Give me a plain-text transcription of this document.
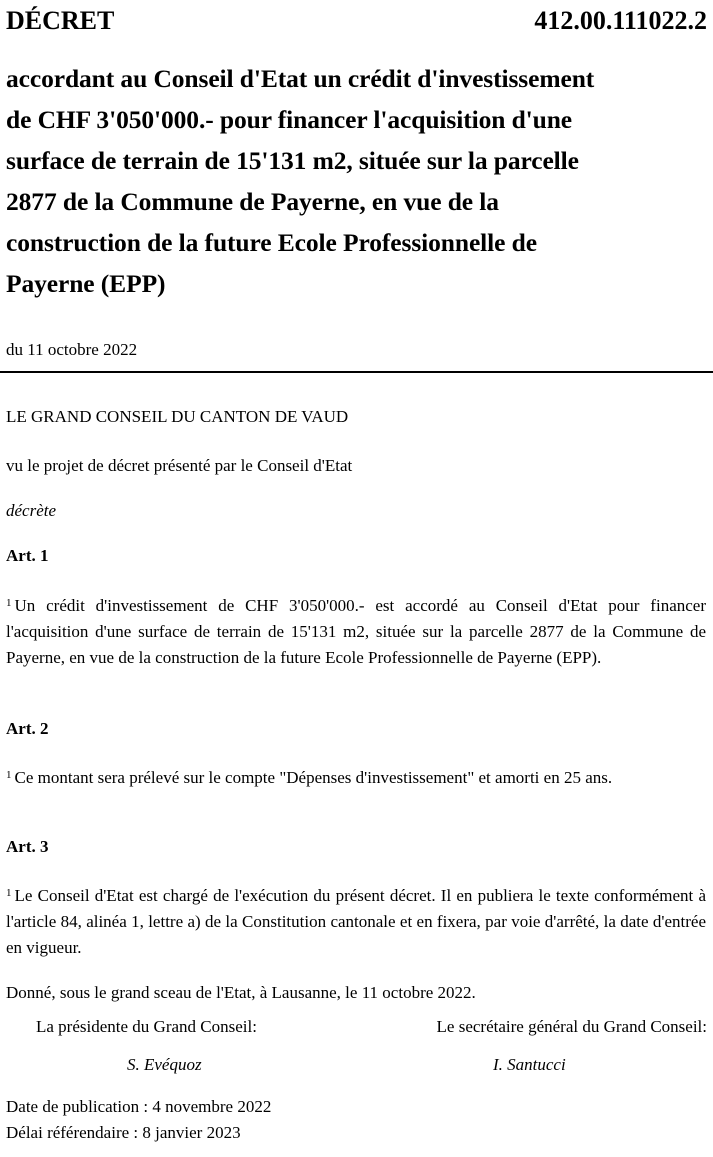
DÉCRET	412.00.111022.2
accordant au Conseil d'Etat un crédit d'investissement
de CHF 3'050'000.- pour financer l'acquisition d'une
surface de terrain de 15'131 m2, située sur la parcelle
2877 de la Commune de Payerne, en vue de la
construction de la future Ecole Professionnelle de
Payerne (EPP)
du 11 octobre 2022
LE GRAND CONSEIL DU CANTON DE VAUD
vu le projet de décret présenté par le Conseil d'Etat
décrète
Art. 1
$^1$ Un crédit d'investissement de CHF 3'050'000.- est accordé au Conseil d'Etat pour financer l'acquisition d'une surface de terrain de 15'131 m2, située sur la parcelle 2877 de la Commune de Payerne, en vue de la construction de la future Ecole Professionnelle de Payerne (EPP).
Art. 2
$^1$ Ce montant sera prélevé sur le compte "Dépenses d'investissement" et amorti en 25 ans.
Art. 3
$^1$ Le Conseil d'Etat est chargé de l'exécution du présent décret. Il en publiera le texte conformément à l'article 84, alinéa 1, lettre a) de la Constitution cantonale et en fixera, par voie d'arrêté, la date d'entrée en vigueur.
Donné, sous le grand sceau de l'Etat, à Lausanne, le 11 octobre 2022.
La présidente du Grand Conseil:	Le secrétaire général du Grand Conseil:
S. Evéquoz	I. Santucci
Date de publication : 4 novembre 2022
Délai référendaire : 8 janvier 2023
